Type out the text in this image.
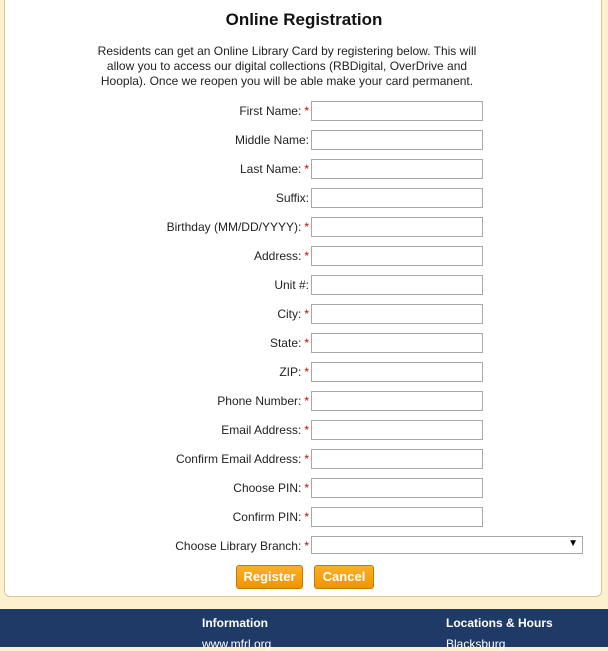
Online Registration
Residents can get an Online Library Card by registering below. This will allow you to access our digital collections (RBDigital, OverDrive and Hoopla). Once we reopen you will be able make your card permanent.
First Name: *
Middle Name:
Last Name: *
Suffix:
Birthday (MM/DD/YYYY): *
Address: *
Unit #:
City: *
State: *
ZIP: *
Phone Number: *
Email Address: *
Confirm Email Address: *
Choose PIN: *
Confirm PIN: *
Choose Library Branch: *	▼
Register	Cancel
Information
www.mfrl.org
Locations & Hours
Blacksburg
